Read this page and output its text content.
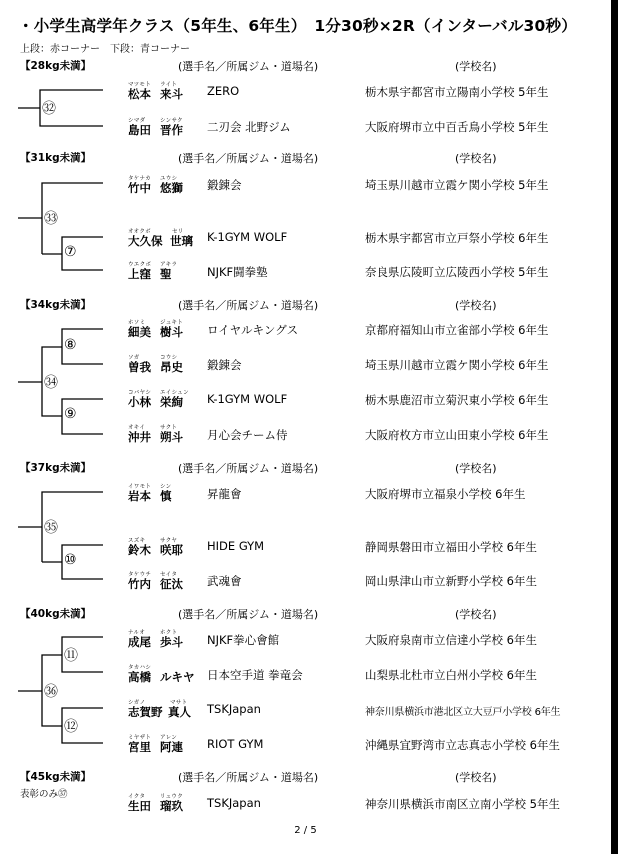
・小学生高学年クラス（5年生、6年生）　1分30秒×2R（インターバル30秒）
上段：赤コーナー　下段：青コーナー
【28kg未満】	(選手名／所属ジム・道場名)	(学校名)
マツモト ライト
松本 来斗 ZERO	栃木県宇都宮市立陽南小学校 5年生
シマダ	シンサク
島田 晋作 二刃会 北野ジム	大阪府堺市立中百舌鳥小学校 5年生
【31kg未満】	(選手名／所属ジム・道場名)	(学校名)
タケナカ ユウシ
竹中 悠獅 鍛錬会	埼玉県川越市立霞ケ関小学校 5年生
オオクボ	セリ
大久保 世璃 K-1GYM WOLF	栃木県宇都宮市立戸祭小学校 6年生
ウエクボ アキラ
上窪 聖	NJKF闘拳塾	奈良県広陵町立広陵西小学校 5年生
【34kg未満】	(選手名／所属ジム・道場名)	(学校名)
ホソミ	ジュキト
細美 樹斗 ロイヤルキングス	京都府福知山市立雀部小学校 6年生
ソガ	コウシ
曽我 昂史 鍛錬会	埼玉県川越市立霞ケ関小学校 6年生
コバヤシ エイシュン
小林 栄絢 K-1GYM WOLF	栃木県鹿沼市立菊沢東小学校 6年生
オキイ	サクト
沖井 朔斗 月心会チーム侍	大阪府枚方市立山田東小学校 6年生
【37kg未満】	(選手名／所属ジム・道場名)	(学校名)
イワモト シン
岩本 慎	昇龍會	大阪府堺市立福泉小学校 6年生
スズキ	サクヤ
鈴木 咲耶 HIDE GYM	静岡県磐田市立福田小学校 6年生
タケウチ セイタ
竹内 征汰 武魂會	岡山県津山市立新野小学校 6年生
【40kg未満】	(選手名／所属ジム・道場名)	(学校名)
ナルオ	ホクト
成尾 歩斗 NJKF拳心會館	大阪府泉南市立信達小学校 6年生
タカハシ
高橋 ルキヤ 日本空手道 拳竜会	山梨県北杜市立白州小学校 6年生
シガノ	マサト
志賀野 真人 TSKJapan	神奈川県横浜市港北区立大豆戸小学校 6年生
ミヤザト アレン
宮里 阿連 RIOT GYM	沖縄県宜野湾市立志真志小学校 6年生
【45kg未満】	(選手名／所属ジム・道場名)	(学校名)
表彰のみ㊲	イクタ	リュウク
生田 瑠玖 TSKJapan	神奈川県横浜市南区立南小学校 5年生
㉜
㉝
⑦
⑧
㉞
⑨
㉟
⑩
⑪
㊱
⑫
2 / 5
